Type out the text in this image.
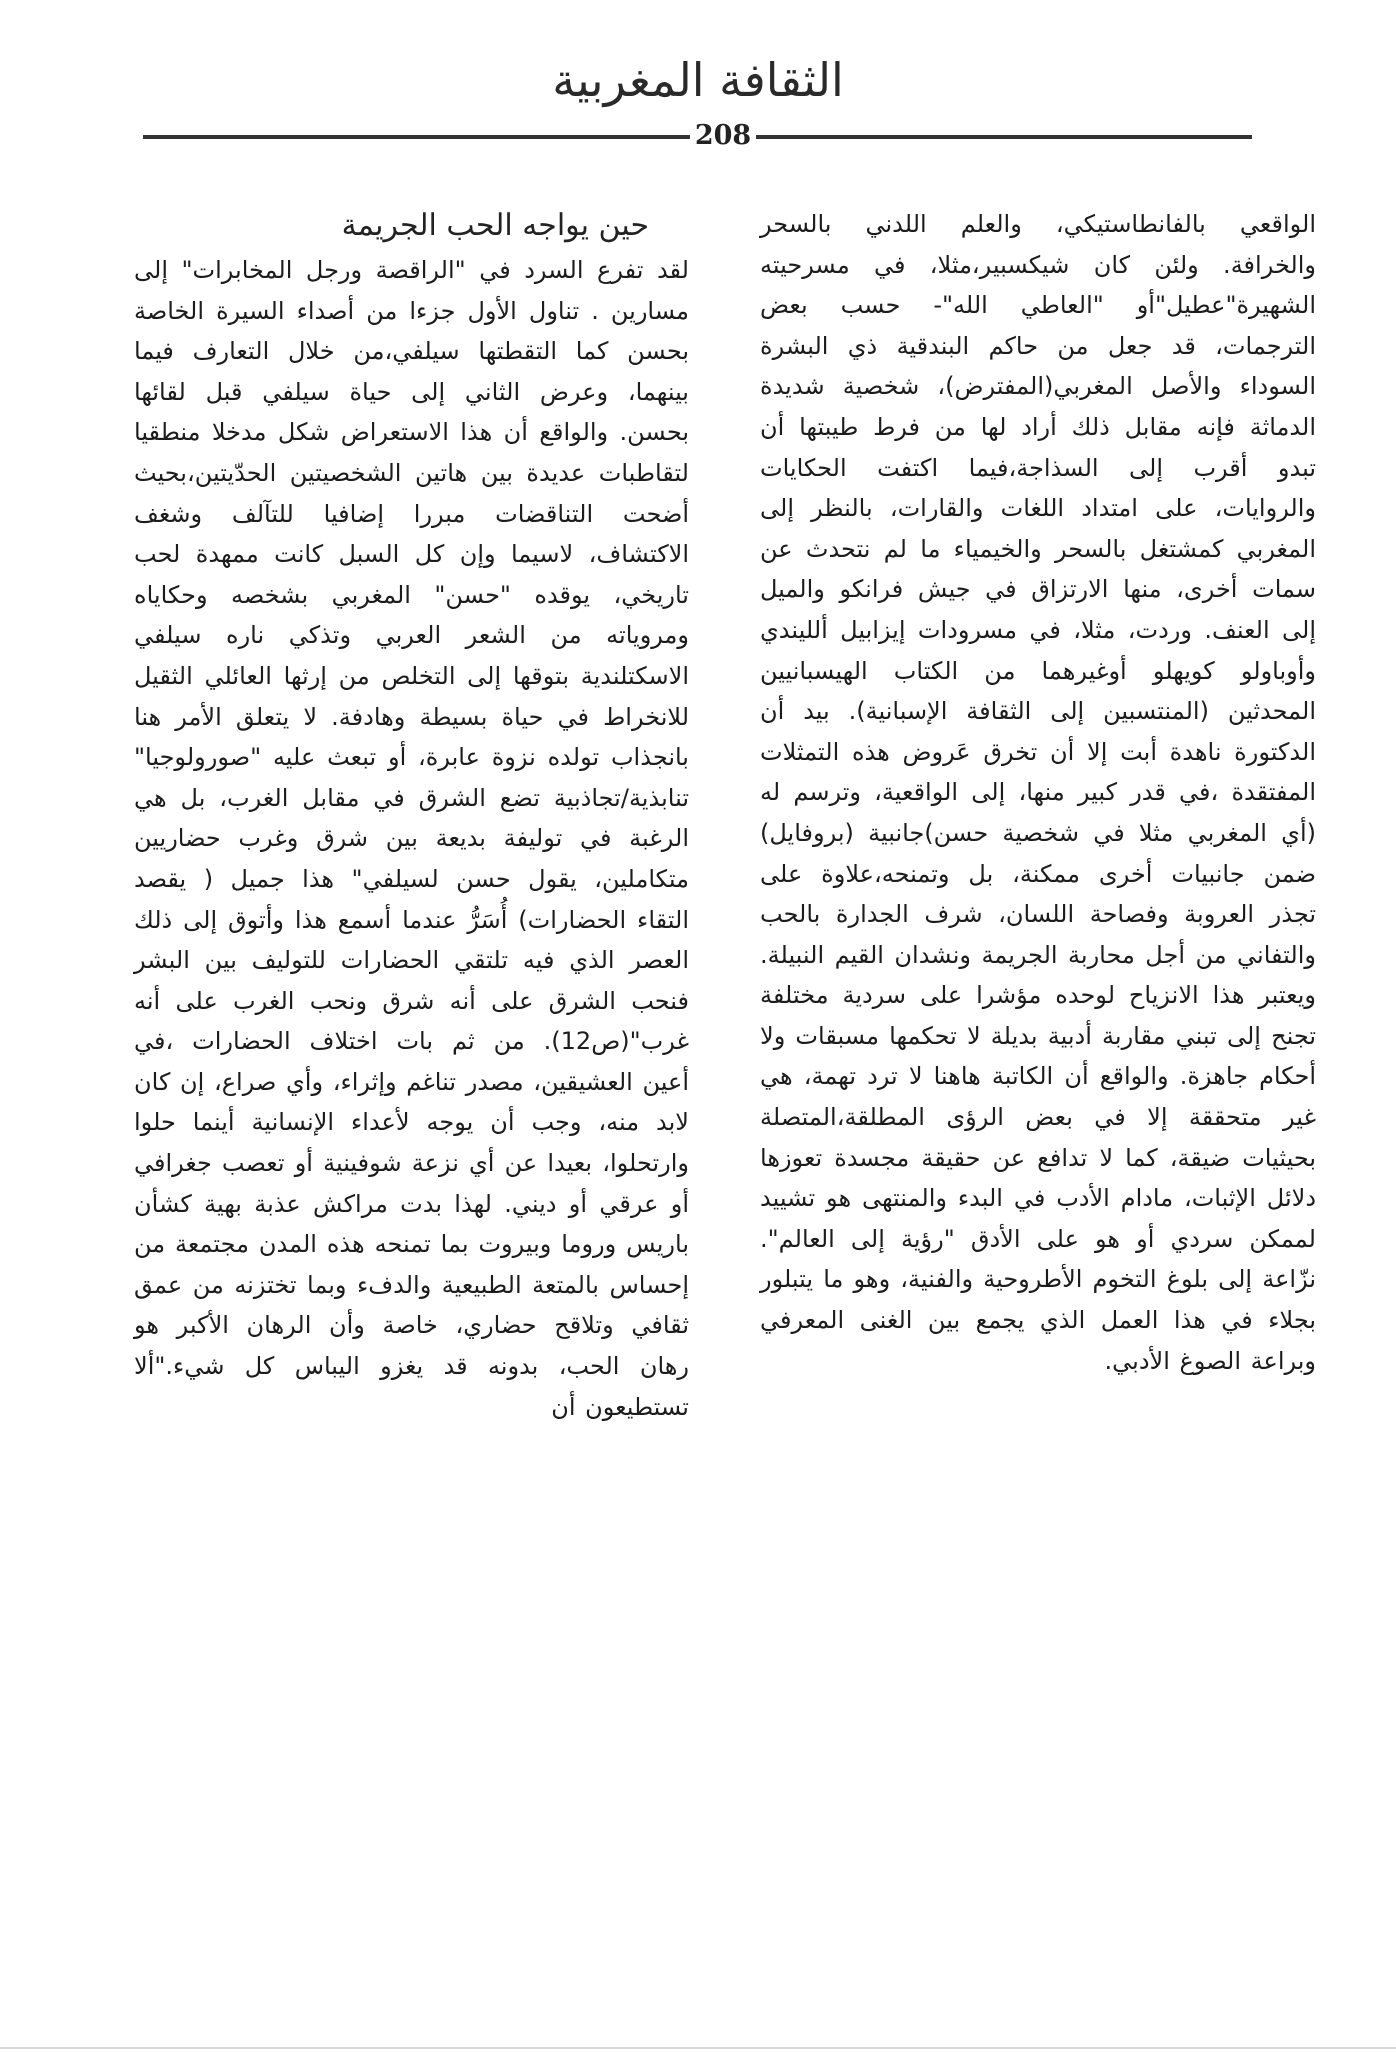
الثقافة المغربية
208

الواقعي بالفانطاستيكي، والعلم اللدني بالسحر والخرافة. ولئن كان شيكسبير،مثلا، في مسرحيته الشهيرة"عطيل"أو "العاطي الله"- حسب بعض الترجمات، قد جعل من حاكم البندقية ذي البشرة السوداء والأصل المغربي(المفترض)، شخصية شديدة الدماثة فإنه مقابل ذلك أراد لها من فرط طيبتها أن تبدو أقرب إلى السذاجة،فيما اكتفت الحكايات والروايات، على امتداد اللغات والقارات، بالنظر إلى المغربي كمشتغل بالسحر والخيمياء ما لم نتحدث عن سمات أخرى، منها الارتزاق في جيش فرانكو والميل إلى العنف. وردت، مثلا، في مسرودات إيزابيل ألليندي وأوباولو كويهلو أوغيرهما من الكتاب الهيسبانيين المحدثين (المنتسبين إلى الثقافة الإسبانية). بيد أن الدكتورة ناهدة أبت إلا أن تخرق عَروض هذه التمثلات المفتقدة ،في قدر كبير منها، إلى الواقعية، وترسم له (أي المغربي مثلا في شخصية حسن)جانبية (بروفايل) ضمن جانبيات أخرى ممكنة، بل وتمنحه،علاوة على تجذر العروبة وفصاحة اللسان، شرف الجدارة بالحب والتفاني من أجل محاربة الجريمة ونشدان القيم النبيلة. ويعتبر هذا الانزياح لوحده مؤشرا على سردية مختلفة تجنح إلى تبني مقاربة أدبية بديلة لا تحكمها مسبقات ولا أحكام جاهزة. والواقع أن الكاتبة هاهنا لا ترد تهمة، هي غير متحققة إلا في بعض الرؤى المطلقة،المتصلة بحيثيات ضيقة، كما لا تدافع عن حقيقة مجسدة تعوزها دلائل الإثبات، مادام الأدب في البدء والمنتهى هو تشييد لممكن سردي أو هو على الأدق "رؤية إلى العالم". نزّاعة إلى بلوغ التخوم الأطروحية والفنية، وهو ما يتبلور بجلاء في هذا العمل الذي يجمع بين الغنى المعرفي وبراعة الصوغ الأدبي.

حين يواجه الحب الجريمة

لقد تفرع السرد في "الراقصة ورجل المخابرات" إلى مسارين . تناول الأول جزءا من أصداء السيرة الخاصة بحسن كما التقطتها سيلفي،من خلال التعارف فيما بينهما، وعرض الثاني إلى حياة سيلفي قبل لقائها بحسن. والواقع أن هذا الاستعراض شكل مدخلا منطقيا لتقاطبات عديدة بين هاتين الشخصيتين الحدّيتين،بحيث أضحت التناقضات مبررا إضافيا للتآلف وشغف الاكتشاف، لاسيما وإن كل السبل كانت ممهدة لحب تاريخي، يوقده "حسن" المغربي بشخصه وحكاياه ومروياته من الشعر العربي وتذكي ناره سيلفي الاسكتلندية بتوقها إلى التخلص من إرثها العائلي الثقيل للانخراط في حياة بسيطة وهادفة. لا يتعلق الأمر هنا بانجذاب تولده نزوة عابرة، أو تبعث عليه "صورولوجيا" تنابذية/تجاذبية تضع الشرق في مقابل الغرب، بل هي الرغبة في توليفة بديعة بين شرق وغرب حضاريين متكاملين، يقول حسن لسيلفي" هذا جميل ( يقصد التقاء الحضارات) أُسَرُّ عندما أسمع هذا وأتوق إلى ذلك العصر الذي فيه تلتقي الحضارات للتوليف بين البشر فنحب الشرق على أنه شرق ونحب الغرب على أنه غرب"(ص12). من ثم بات اختلاف الحضارات ،في أعين العشيقين، مصدر تناغم وإثراء، وأي صراع، إن كان لابد منه، وجب أن يوجه لأعداء الإنسانية أينما حلوا وارتحلوا، بعيدا عن أي نزعة شوفينية أو تعصب جغرافي أو عرقي أو ديني. لهذا بدت مراكش عذبة بهية كشأن باريس وروما وبيروت بما تمنحه هذه المدن مجتمعة من إحساس بالمتعة الطبيعية والدفء وبما تختزنه من عمق ثقافي وتلاقح حضاري، خاصة وأن الرهان الأكبر هو رهان الحب، بدونه قد يغزو اليباس كل شيء."ألا تستطيعون أن
